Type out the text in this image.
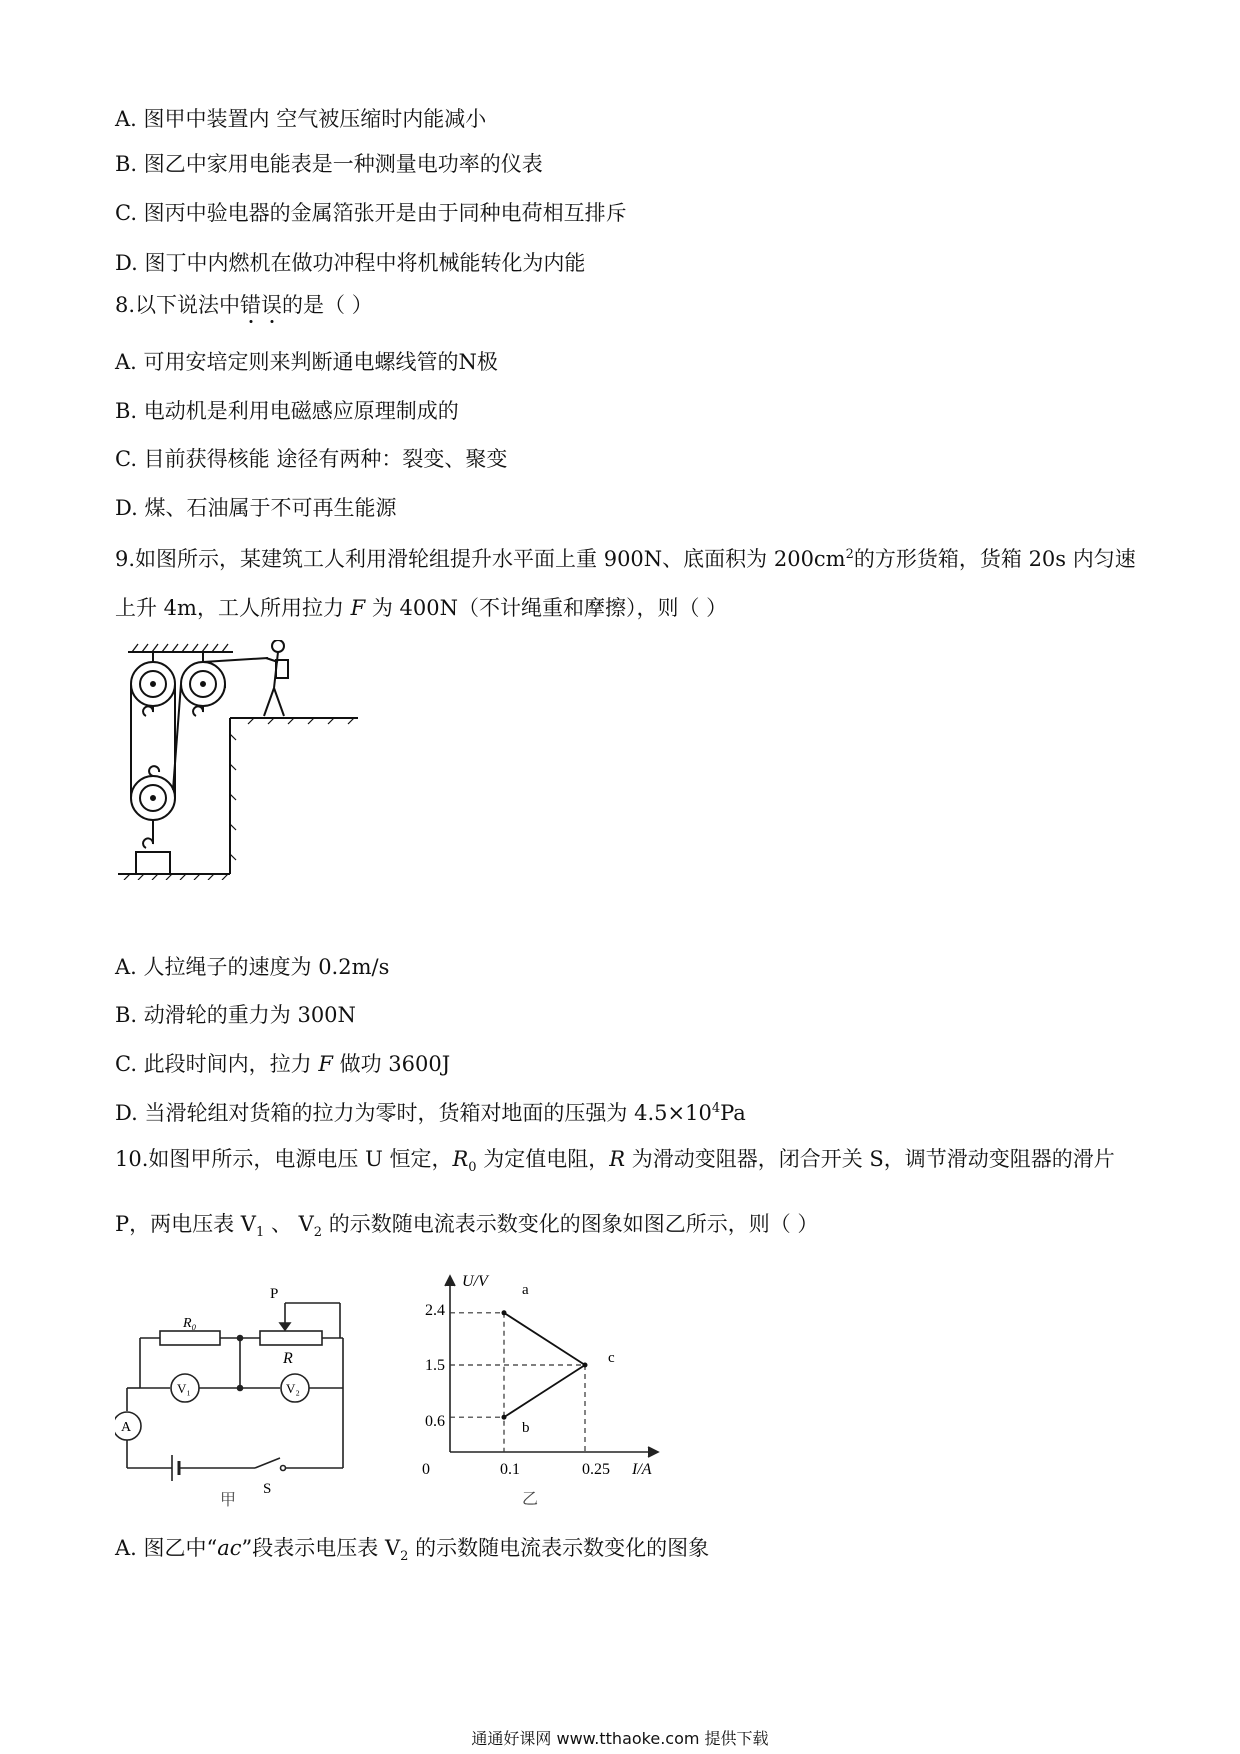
A. 图甲中装置内 空气被压缩时内能减小
B. 图乙中家用电能表是一种测量电功率的仪表
C. 图丙中验电器的金属箔张开是由于同种电荷相互排斥
D. 图丁中内燃机在做功冲程中将机械能转化为内能
8.以下说法中错误的是（ ）
A. 可用安培定则来判断通电螺线管的N极
B. 电动机是利用电磁感应原理制成的
C. 目前获得核能 途径有两种：裂变、聚变
D. 煤、石油属于不可再生能源
9.如图所示，某建筑工人利用滑轮组提升水平面上重 900N、底面积为 $200cm^2$的方形货箱，货箱 20s 内匀速
上升 4m，工人所用拉力 F 为 400N（不计绳重和摩擦），则（ ）
A. 人拉绳子的速度为 0.2m/s
B. 动滑轮的重力为 300N
C. 此段时间内，拉力 F 做功 3600J
D. 当滑轮组对货箱的拉力为零时，货箱对地面的压强为 $4.5\times 10^4Pa$
10.如图甲所示，电源电压 U 恒定，$R_0$ 为定值电阻，R 为滑动变阻器，闭合开关 S，调节滑动变阻器的滑片
P，两电压表 $V_1$ 、 $V_2$ 的示数随电流表示数变化的图象如图乙所示，则（ ）
R₀
P
R
V₁	V₂
A
S
甲
U/V
I/A
0
2.4
1.5
0.6
0.1	0.25
a
b
c
乙
A. 图乙中“ac”段表示电压表 $V_2$ 的示数随电流表示数变化的图象
通通好课网 www.tthaoke.com 提供下载
